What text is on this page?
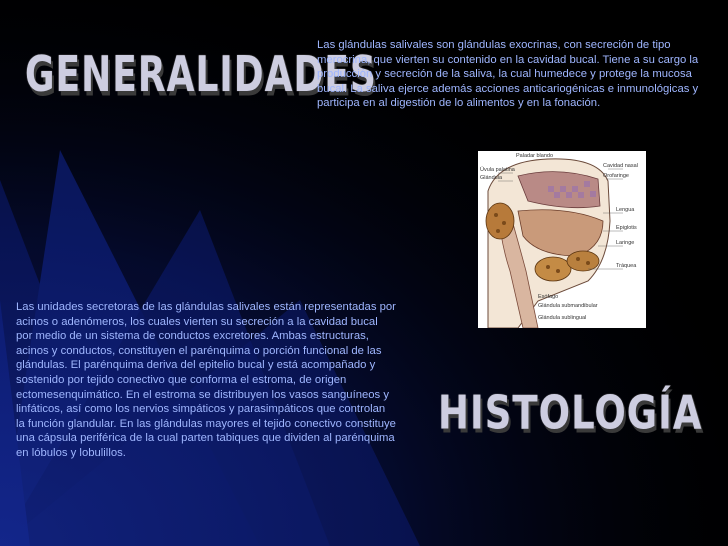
GENERALIDADES
Las glándulas salivales son glándulas exocrinas, con secreción de tipo merocrina, que vierten su contenido en la cavidad bucal. Tiene a su cargo la producción y secreción de la saliva, la cual humedece y protege la mucosa bucal. La saliva ejerce además acciones anticariogénicas e inmunológicas y participa en al digestión de lo alimentos y en la fonación.
Paladar blando
Cavidad nasal
Orofaringe
Lengua
Úvula palatina
Glándula
Epiglotis
Laringe
Tráquea
Esófago
Glándula submandibular
Glándula sublingual
Las unidades secretoras de las glándulas salivales están representadas por acinos o adenómeros, los cuales vierten su secreción a la cavidad bucal por medio de un sistema de conductos excretores. Ambas estructuras, acinos y conductos, constituyen el parénquima o porción funcional de las glándulas. El parénquima deriva del epitelio bucal y está acompañado y sostenido por tejido conectivo que conforma el estroma, de origen ectomesenquimático. En el estroma se distribuyen los vasos sanguíneos y linfáticos, así como los nervios simpáticos y parasimpáticos que controlan la función glandular. En las glándulas mayores el tejido conectivo constituye una cápsula periférica de la cual parten tabiques que dividen al parénquima en lóbulos y lobulillos.
HISTOLOGÍA
